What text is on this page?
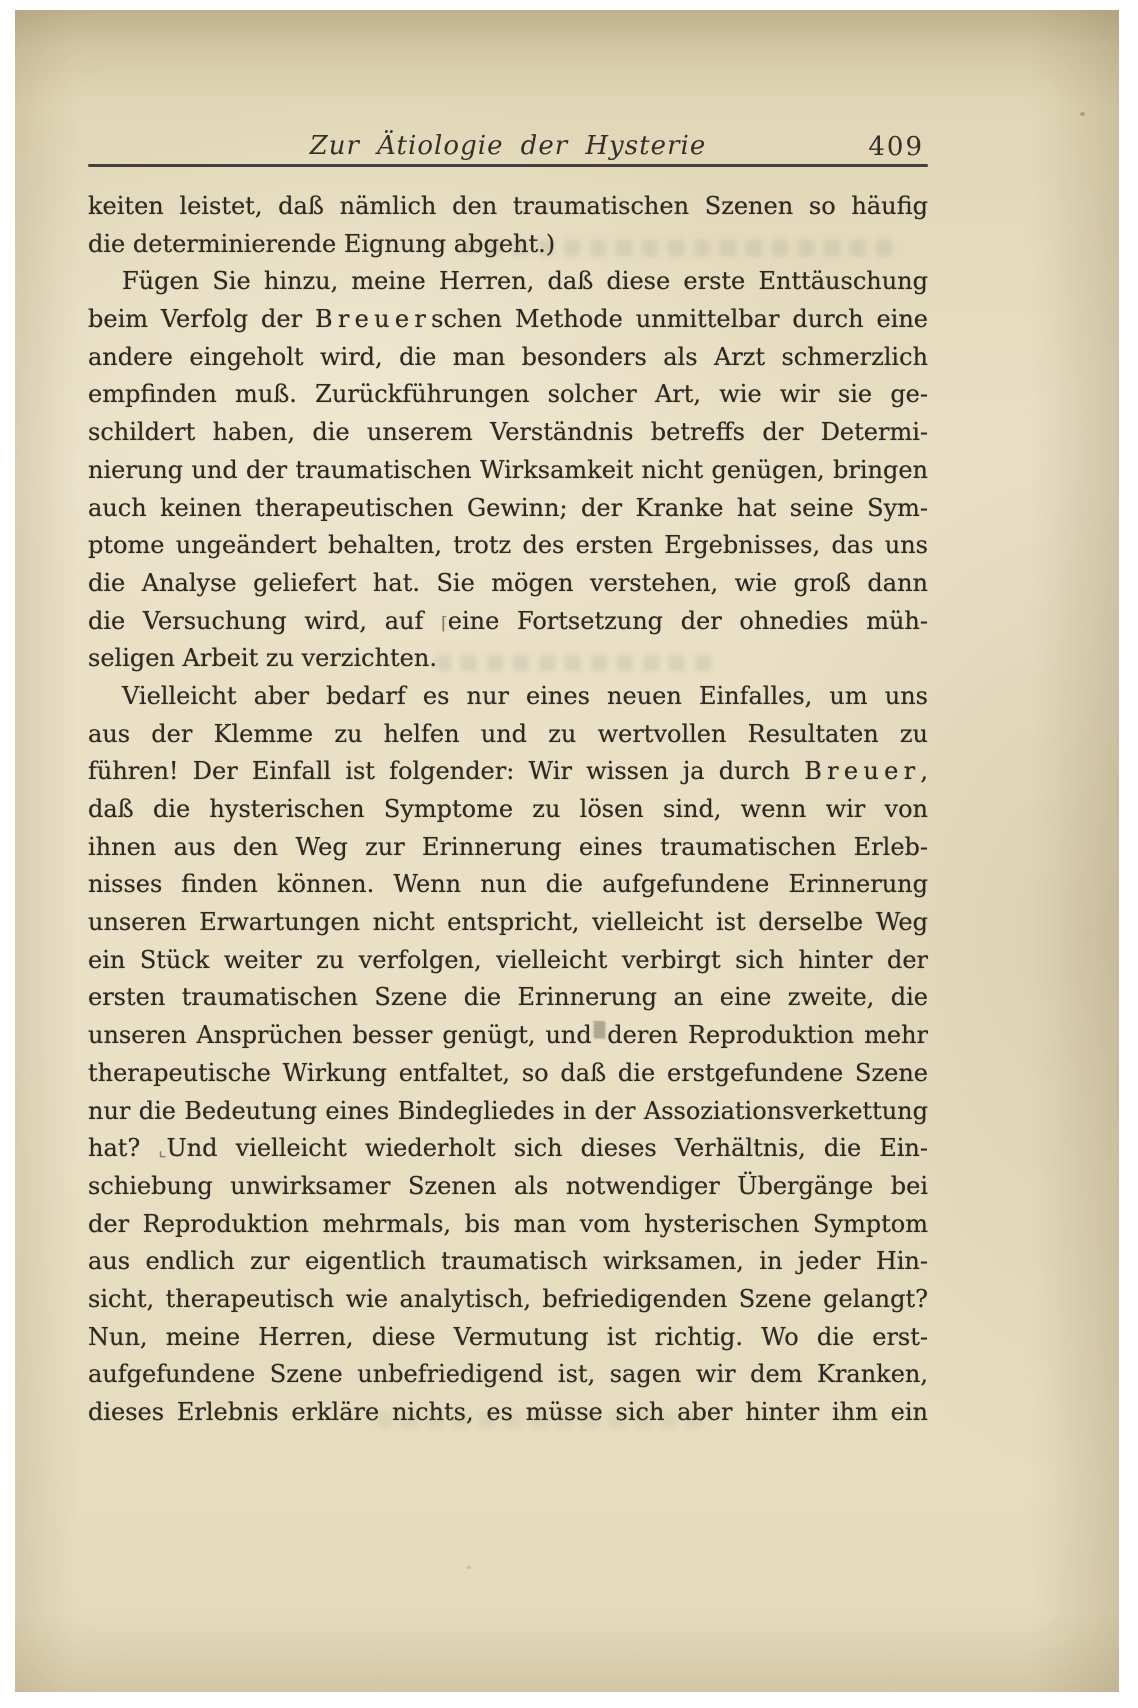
Zur Ätiologie der Hysterie	409
keiten leistet, daß nämlich den traumatischen Szenen so häufig
die determinierende Eignung abgeht.)
Fügen Sie hinzu, meine Herren, daß diese erste Enttäuschung
beim Verfolg der Breuerschen Methode unmittelbar durch eine
andere eingeholt wird, die man besonders als Arzt schmerzlich
empfinden muß. Zurückführungen solcher Art, wie wir sie ge-
schildert haben, die unserem Verständnis betreffs der Determi-
nierung und der traumatischen Wirksamkeit nicht genügen, bringen
auch keinen therapeutischen Gewinn; der Kranke hat seine Sym-
ptome ungeändert behalten, trotz des ersten Ergebnisses, das uns
die Analyse geliefert hat. Sie mögen verstehen, wie groß dann
die Versuchung wird, auf ⌈eine Fortsetzung der ohnedies müh-
seligen Arbeit zu verzichten.
Vielleicht aber bedarf es nur eines neuen Einfalles, um uns
aus der Klemme zu helfen und zu wertvollen Resultaten zu
führen! Der Einfall ist folgender: Wir wissen ja durch Breuer,
daß die hysterischen Symptome zu lösen sind, wenn wir von
ihnen aus den Weg zur Erinnerung eines traumatischen Erleb-
nisses finden können. Wenn nun die aufgefundene Erinnerung
unseren Erwartungen nicht entspricht, vielleicht ist derselbe Weg
ein Stück weiter zu verfolgen, vielleicht verbirgt sich hinter der
ersten traumatischen Szene die Erinnerung an eine zweite, die
unseren Ansprüchen besser genügt, und ▒deren Reproduktion mehr
therapeutische Wirkung entfaltet, so daß die erstgefundene Szene
nur die Bedeutung eines Bindegliedes in der Assoziationsverkettung
hat? ⌞Und vielleicht wiederholt sich dieses Verhältnis, die Ein-
schiebung unwirksamer Szenen als notwendiger Übergänge bei
der Reproduktion mehrmals, bis man vom hysterischen Symptom
aus endlich zur eigentlich traumatisch wirksamen, in jeder Hin-
sicht, therapeutisch wie analytisch, befriedigenden Szene gelangt?
Nun, meine Herren, diese Vermutung ist richtig. Wo die erst-
aufgefundene Szene unbefriedigend ist, sagen wir dem Kranken,
dieses Erlebnis erkläre nichts, es müsse sich aber hinter ihm ein
